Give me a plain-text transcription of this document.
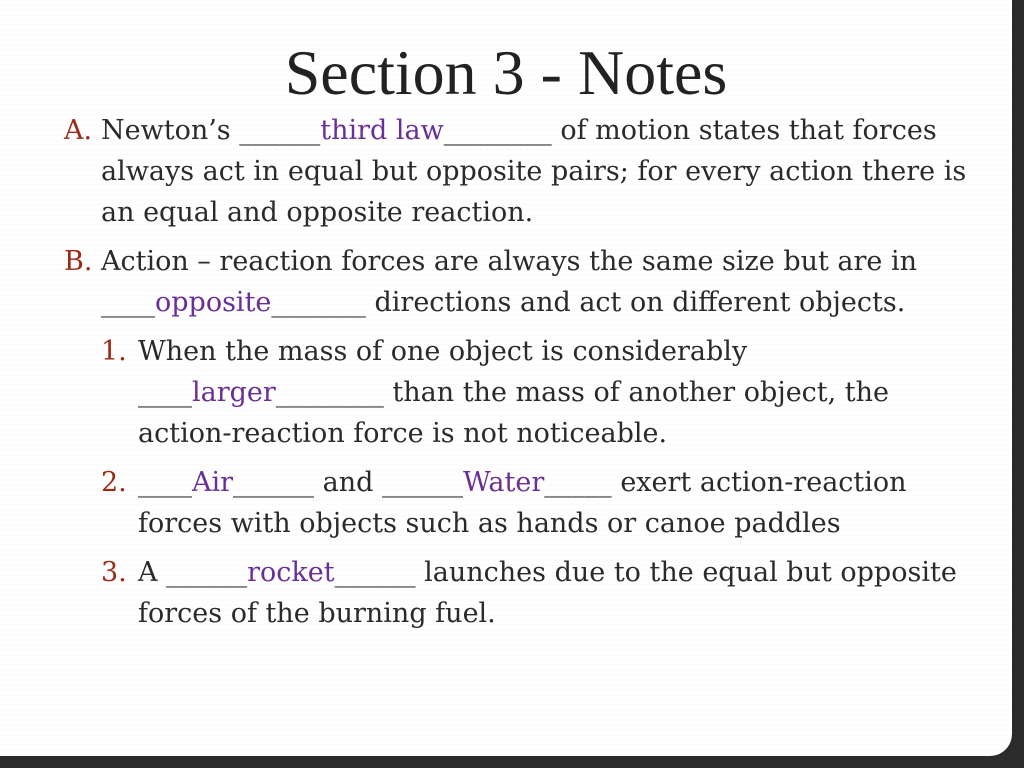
Section 3 - Notes
A. Newton’s ______third law________ of motion states that forces always act in equal but opposite pairs; for every action there is an equal and opposite reaction.
B. Action – reaction forces are always the same size but are in ____opposite_______ directions and act on different objects.
1. When the mass of one object is considerably ____larger________ than the mass of another object, the action-reaction force is not noticeable.
2. ____Air______ and ______Water_____ exert action-reaction forces with objects such as hands or canoe paddles
3. A ______rocket______ launches due to the equal but opposite forces of the burning fuel.
